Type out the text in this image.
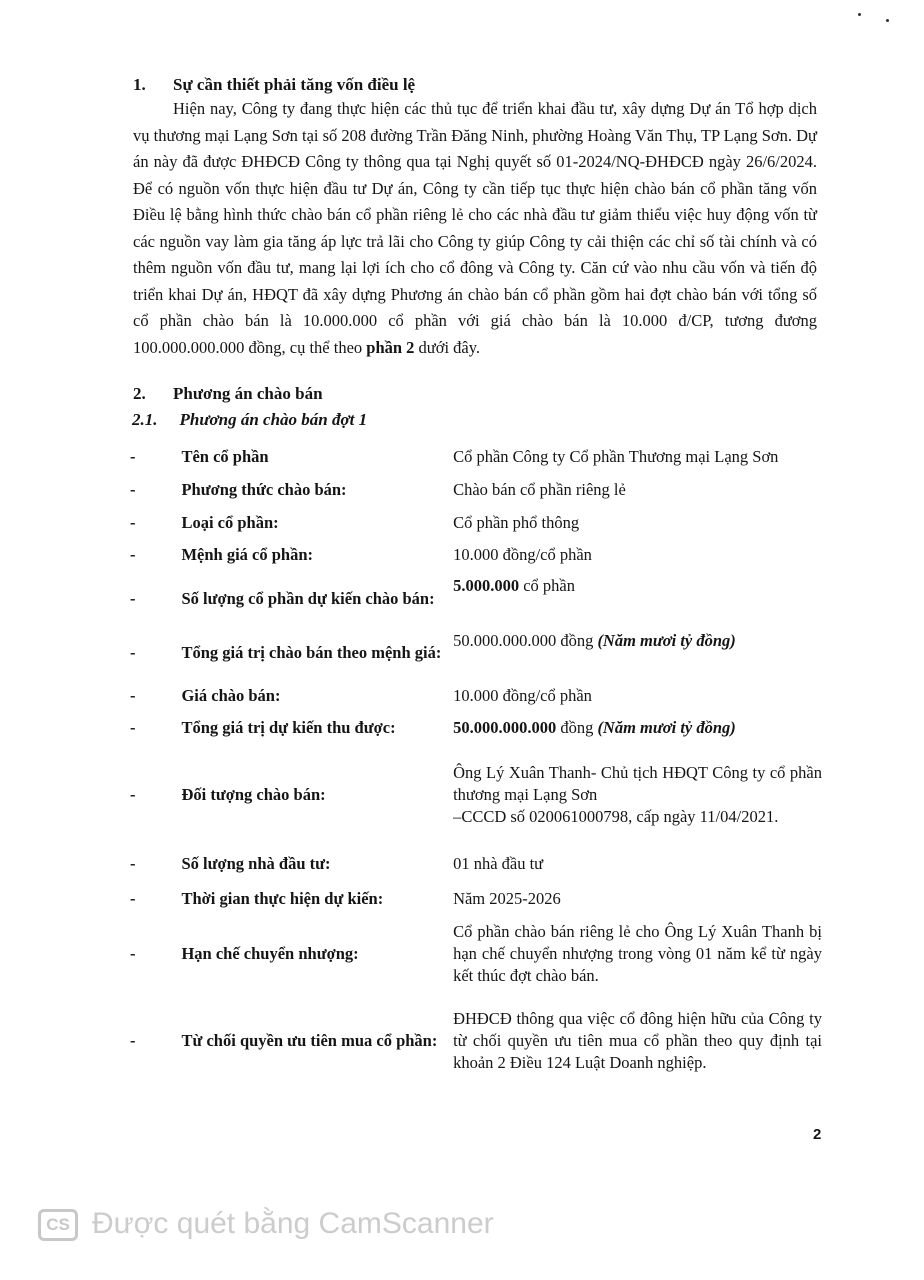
1. Sự cần thiết phải tăng vốn điều lệ

Hiện nay, Công ty đang thực hiện các thủ tục để triển khai đầu tư, xây dựng Dự án Tổ hợp dịch vụ thương mại Lạng Sơn tại số 208 đường Trần Đăng Ninh, phường Hoàng Văn Thụ, TP Lạng Sơn. Dự án này đã được ĐHĐCĐ Công ty thông qua tại Nghị quyết số 01-2024/NQ-ĐHĐCĐ ngày 26/6/2024. Để có nguồn vốn thực hiện đầu tư Dự án, Công ty cần tiếp tục thực hiện chào bán cổ phần tăng vốn Điều lệ bằng hình thức chào bán cổ phần riêng lẻ cho các nhà đầu tư giảm thiểu việc huy động vốn từ các nguồn vay làm gia tăng áp lực trả lãi cho Công ty giúp Công ty cải thiện các chỉ số tài chính và có thêm nguồn vốn đầu tư, mang lại lợi ích cho cổ đông và Công ty. Căn cứ vào nhu cầu vốn và tiến độ triển khai Dự án, HĐQT đã xây dựng Phương án chào bán cổ phần gồm hai đợt chào bán với tổng số cổ phần chào bán là 10.000.000 cổ phần với giá chào bán là 10.000 đ/CP, tương đương 100.000.000.000 đồng, cụ thể theo phần 2 dưới đây.

2. Phương án chào bán
2.1. Phương án chào bán đợt 1
-	Tên cổ phần	Cổ phần Công ty Cổ phần Thương mại Lạng Sơn
-	Phương thức chào bán:	Chào bán cổ phần riêng lẻ
-	Loại cổ phần:	Cổ phần phổ thông
-	Mệnh giá cổ phần:	10.000 đồng/cổ phần
-	Số lượng cổ phần dự kiến chào bán:	5.000.000 cổ phần
-	Tổng giá trị chào bán theo mệnh giá:	50.000.000.000 đồng (Năm mươi tỷ đồng)
-	Giá chào bán:	10.000 đồng/cổ phần
-	Tổng giá trị dự kiến thu được:	50.000.000.000 đồng (Năm mươi tỷ đồng)
-	Đối tượng chào bán:	Ông Lý Xuân Thanh- Chủ tịch HĐQT Công ty cổ phần thương mại Lạng Sơn
–CCCD số 020061000798, cấp ngày 11/04/2021.

-	Số lượng nhà đầu tư:	01 nhà đầu tư
-	Thời gian thực hiện dự kiến:	Năm 2025-2026
-	Hạn chế chuyển nhượng:	Cổ phần chào bán riêng lẻ cho Ông Lý Xuân Thanh bị hạn chế chuyển nhượng trong vòng 01 năm kể từ ngày kết thúc đợt chào bán.
-	Từ chối quyền ưu tiên mua cổ phần:	ĐHĐCĐ thông qua việc cổ đông hiện hữu của Công ty từ chối quyền ưu tiên mua cổ phần theo quy định tại khoản 2 Điều 124 Luật Doanh nghiệp.
2
CS Được quét bằng CamScanner
